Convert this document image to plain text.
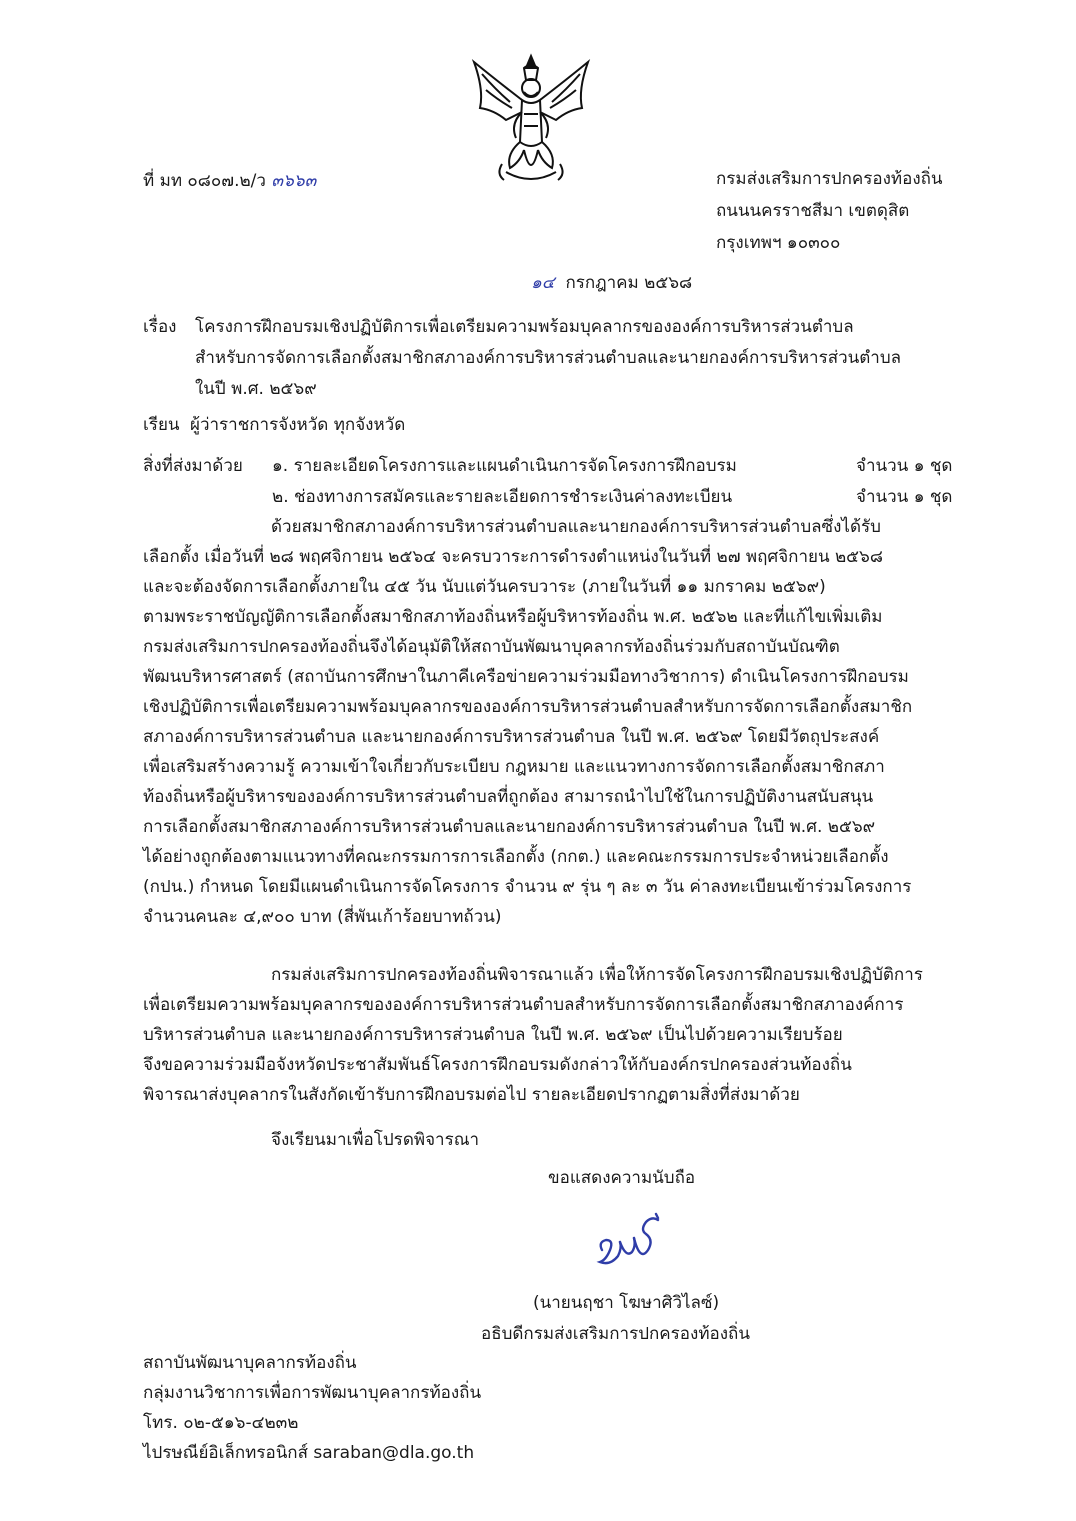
ที่ มท ๐๘๐๗.๒/ว ๓๖๖๓	กรมส่งเสริมการปกครองท้องถิ่น
ถนนนครราชสีมา เขตดุสิต
กรุงเทพฯ ๑๐๓๐๐
๑๔ กรกฎาคม ๒๕๖๘
เรื่อง โครงการฝึกอบรมเชิงปฏิบัติการเพื่อเตรียมความพร้อมบุคลากรขององค์การบริหารส่วนตำบล
สำหรับการจัดการเลือกตั้งสมาชิกสภาองค์การบริหารส่วนตำบลและนายกองค์การบริหารส่วนตำบล
ในปี พ.ศ. ๒๕๖๙
เรียน ผู้ว่าราชการจังหวัด ทุกจังหวัด
สิ่งที่ส่งมาด้วย ๑. รายละเอียดโครงการและแผนดำเนินการจัดโครงการฝึกอบรม	จำนวน ๑ ชุด
๒. ช่องทางการสมัครและรายละเอียดการชำระเงินค่าลงทะเบียน	จำนวน ๑ ชุด
ด้วยสมาชิกสภาองค์การบริหารส่วนตำบลและนายกองค์การบริหารส่วนตำบลซึ่งได้รับ
เลือกตั้ง เมื่อวันที่ ๒๘ พฤศจิกายน ๒๕๖๔ จะครบวาระการดำรงตำแหน่งในวันที่ ๒๗ พฤศจิกายน ๒๕๖๘
และจะต้องจัดการเลือกตั้งภายใน ๔๕ วัน นับแต่วันครบวาระ (ภายในวันที่ ๑๑ มกราคม ๒๕๖๙)
ตามพระราชบัญญัติการเลือกตั้งสมาชิกสภาท้องถิ่นหรือผู้บริหารท้องถิ่น พ.ศ. ๒๕๖๒ และที่แก้ไขเพิ่มเติม
กรมส่งเสริมการปกครองท้องถิ่นจึงได้อนุมัติให้สถาบันพัฒนาบุคลากรท้องถิ่นร่วมกับสถาบันบัณฑิต
พัฒนบริหารศาสตร์ (สถาบันการศึกษาในภาคีเครือข่ายความร่วมมือทางวิชาการ) ดำเนินโครงการฝึกอบรม
เชิงปฏิบัติการเพื่อเตรียมความพร้อมบุคลากรขององค์การบริหารส่วนตำบลสำหรับการจัดการเลือกตั้งสมาชิก
สภาองค์การบริหารส่วนตำบล และนายกองค์การบริหารส่วนตำบล ในปี พ.ศ. ๒๕๖๙ โดยมีวัตถุประสงค์
เพื่อเสริมสร้างความรู้ ความเข้าใจเกี่ยวกับระเบียบ กฎหมาย และแนวทางการจัดการเลือกตั้งสมาชิกสภา
ท้องถิ่นหรือผู้บริหารขององค์การบริหารส่วนตำบลที่ถูกต้อง สามารถนำไปใช้ในการปฏิบัติงานสนับสนุน
การเลือกตั้งสมาชิกสภาองค์การบริหารส่วนตำบลและนายกองค์การบริหารส่วนตำบล ในปี พ.ศ. ๒๕๖๙
ได้อย่างถูกต้องตามแนวทางที่คณะกรรมการการเลือกตั้ง (กกต.) และคณะกรรมการประจำหน่วยเลือกตั้ง
(กปน.) กำหนด โดยมีแผนดำเนินการจัดโครงการ จำนวน ๙ รุ่น ๆ ละ ๓ วัน ค่าลงทะเบียนเข้าร่วมโครงการ
จำนวนคนละ ๔,๙๐๐ บาท (สี่พันเก้าร้อยบาทถ้วน)
กรมส่งเสริมการปกครองท้องถิ่นพิจารณาแล้ว เพื่อให้การจัดโครงการฝึกอบรมเชิงปฏิบัติการ
เพื่อเตรียมความพร้อมบุคลากรขององค์การบริหารส่วนตำบลสำหรับการจัดการเลือกตั้งสมาชิกสภาองค์การ
บริหารส่วนตำบล และนายกองค์การบริหารส่วนตำบล ในปี พ.ศ. ๒๕๖๙ เป็นไปด้วยความเรียบร้อย
จึงขอความร่วมมือจังหวัดประชาสัมพันธ์โครงการฝึกอบรมดังกล่าวให้กับองค์กรปกครองส่วนท้องถิ่น
พิจารณาส่งบุคลากรในสังกัดเข้ารับการฝึกอบรมต่อไป รายละเอียดปรากฏตามสิ่งที่ส่งมาด้วย
จึงเรียนมาเพื่อโปรดพิจารณา
ขอแสดงความนับถือ
(นายนฤชา โฆษาศิวิไลซ์)
อธิบดีกรมส่งเสริมการปกครองท้องถิ่น
สถาบันพัฒนาบุคลากรท้องถิ่น
กลุ่มงานวิชาการเพื่อการพัฒนาบุคลากรท้องถิ่น
โทร. ๐๒-๕๑๖-๔๒๓๒
ไปรษณีย์อิเล็กทรอนิกส์ saraban@dla.go.th
